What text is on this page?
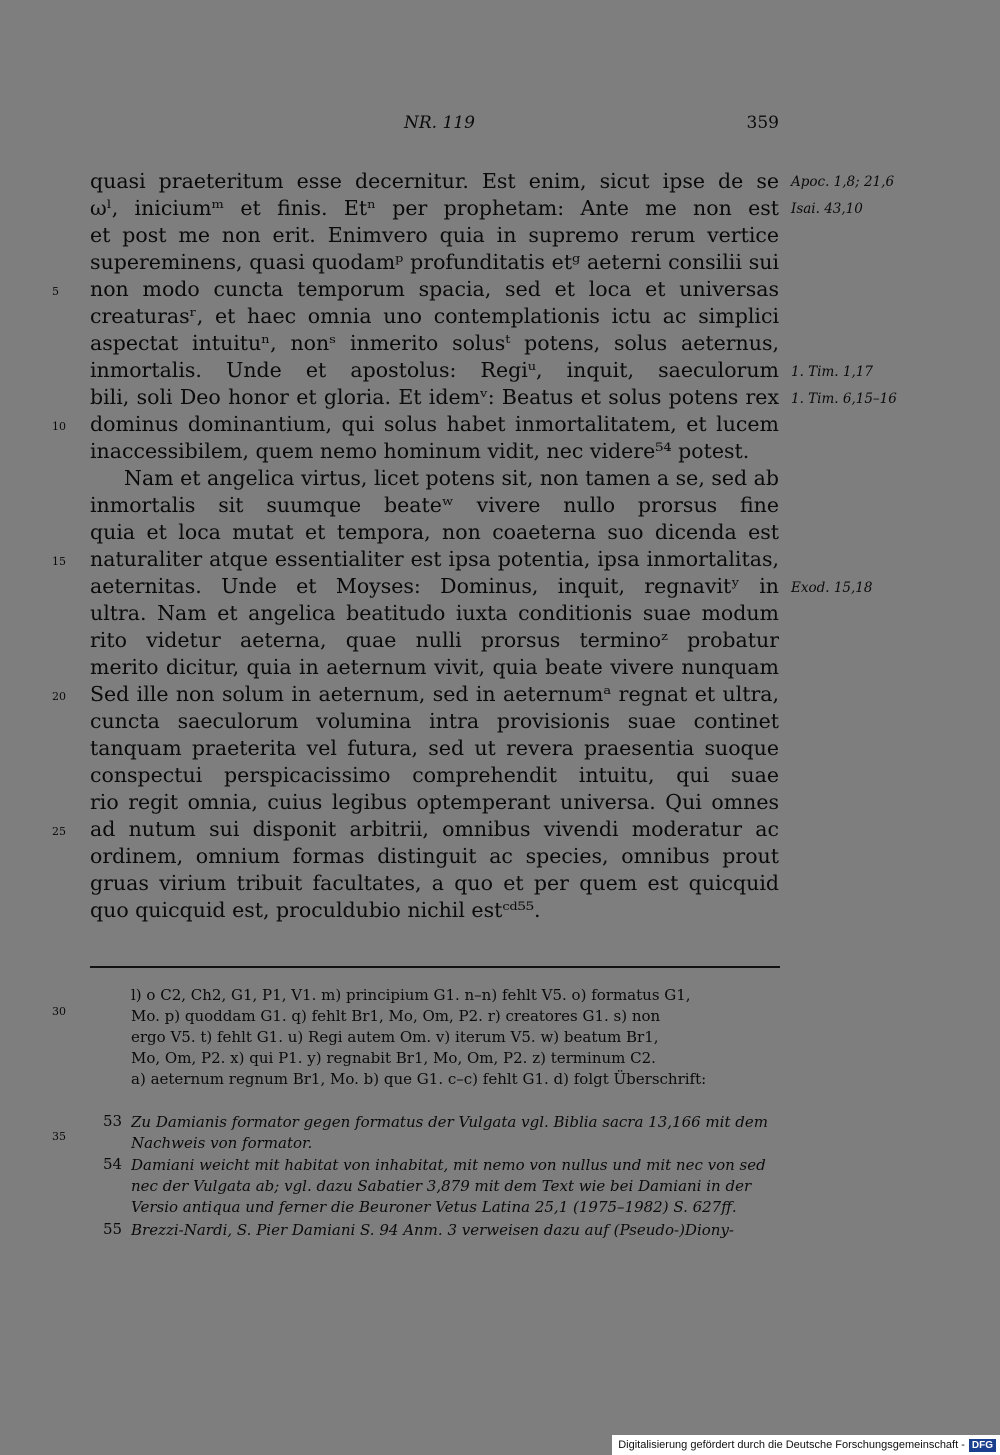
NR. 119	359
quasi praeteritum esse decernitur. Est enim, sicut ipse de se
ωˡ, iniciumᵐ et finis. Etⁿ per prophetam: Ante me non est
et post me non erit. Enimvero quia in supremo rerum vertice
supereminens, quasi quodamᵖ profunditatis etᵍ aeterni consilii sui
non modo cuncta temporum spacia, sed et loca et universas
creaturasʳ, et haec omnia uno contemplationis ictu ac simplici
aspectat intuituⁿ, nonˢ inmerito solusᵗ potens, solus aeternus,
inmortalis. Unde et apostolus: Regiᵘ, inquit, saeculorum
bili, soli Deo honor et gloria. Et idemᵛ: Beatus et solus potens rex
dominus dominantium, qui solus habet inmortalitatem, et lucem
inaccessibilem, quem nemo hominum vidit, nec videre⁵⁴ potest.
Nam et angelica virtus, licet potens sit, non tamen a se, sed ab
inmortalis sit suumque beateʷ vivere nullo prorsus fine
quia et loca mutat et tempora, non coaeterna suo dicenda est
naturaliter atque essentialiter est ipsa potentia, ipsa inmortalitas,
aeternitas. Unde et Moyses: Dominus, inquit, regnavitʸ in
ultra. Nam et angelica beatitudo iuxta conditionis suae modum
rito videtur aeterna, quae nulli prorsus terminoᶻ probatur
merito dicitur, quia in aeternum vivit, quia beate vivere nunquam
Sed ille non solum in aeternum, sed in aeternumᵃ regnat et ultra,
cuncta saeculorum volumina intra provisionis suae continet
tanquam praeterita vel futura, sed ut revera praesentia suoque
conspectui perspicacissimo comprehendit intuitu, qui suae
rio regit omnia, cuius legibus optemperant universa. Qui omnes
ad nutum sui disponit arbitrii, omnibus vivendi moderatur ac
ordinem, omnium formas distinguit ac species, omnibus prout
gruas virium tribuit facultates, a quo et per quem est quicquid
quo quicquid est, proculdubio nichil estᶜᵈ⁵⁵.
5
10
15
20
25
30
35
Apoc. 1,8; 21,6
Isai. 43,10
1. Tim. 1,17
1. Tim. 6,15–16
Exod. 15,18
l) o C2, Ch2, G1, P1, V1. m) principium G1. n–n) fehlt V5. o) formatus G1,
Mo. p) quoddam G1. q) fehlt Br1, Mo, Om, P2. r) creatores G1. s) non
ergo V5. t) fehlt G1. u) Regi autem Om. v) iterum V5. w) beatum Br1,
Mo, Om, P2. x) qui P1. y) regnabit Br1, Mo, Om, P2. z) terminum C2.
a) aeternum regnum Br1, Mo. b) que G1. c–c) fehlt G1. d) folgt Überschrift:
53 Zu Damianis formator gegen formatus der Vulgata vgl. Biblia sacra 13,166 mit dem
Nachweis von formator.
54 Damiani weicht mit habitat von inhabitat, mit nemo von nullus und mit nec von sed
nec der Vulgata ab; vgl. dazu Sabatier 3,879 mit dem Text wie bei Damiani in der
Versio antiqua und ferner die Beuroner Vetus Latina 25,1 (1975–1982) S. 627ff.
55 Brezzi-Nardi, S. Pier Damiani S. 94 Anm. 3 verweisen dazu auf (Pseudo-)Diony-
Digitalisierung gefördert durch die Deutsche Forschungsgemeinschaft - DFG
